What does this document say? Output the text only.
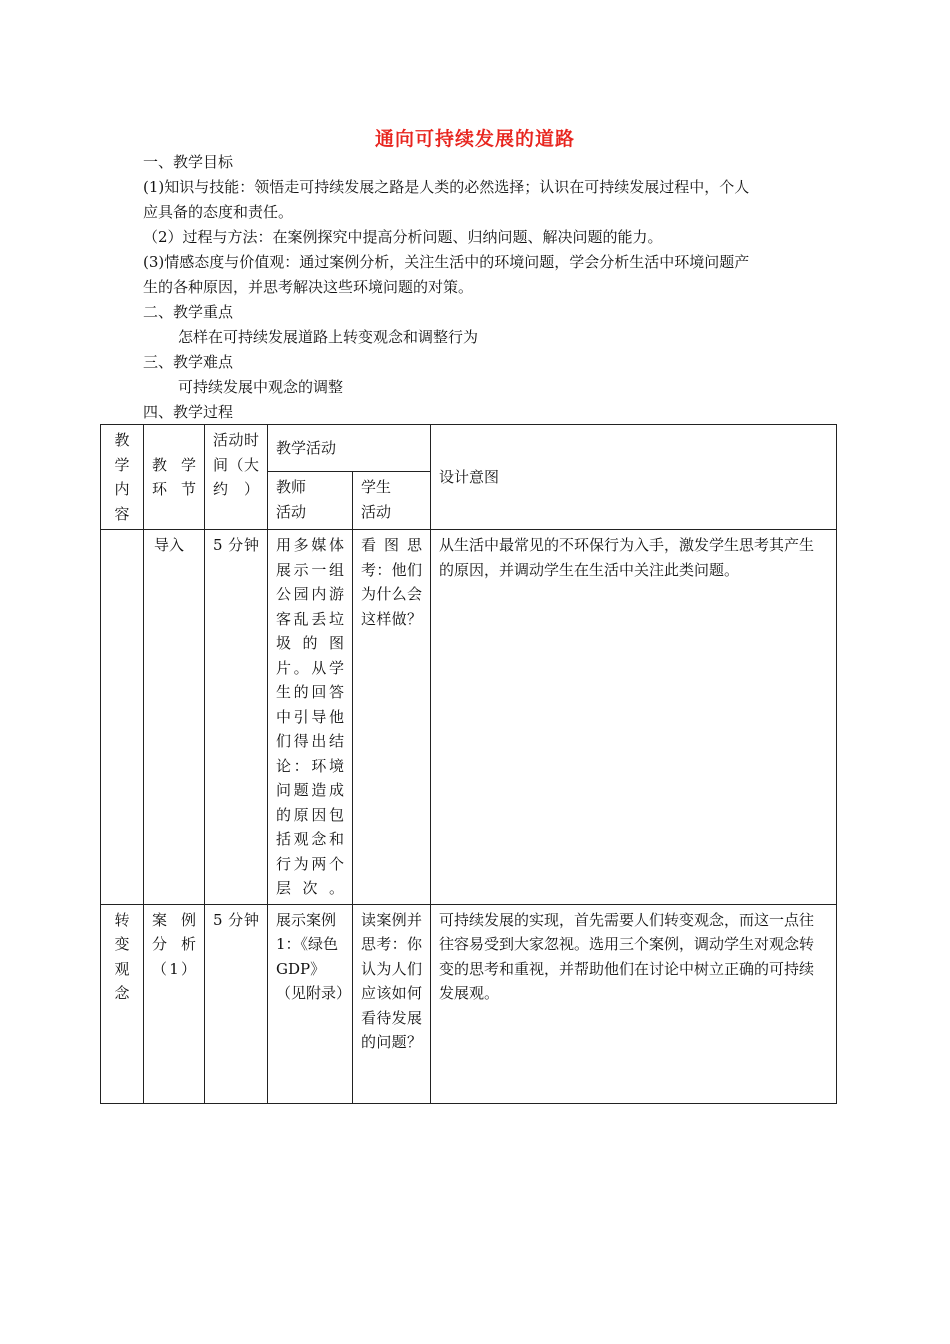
通向可持续发展的道路
一、教学目标
(1)知识与技能：领悟走可持续发展之路是人类的必然选择；认识在可持续发展过程中，个人
应具备的态度和责任。
（2）过程与方法：在案例探究中提高分析问题、归纳问题、解决问题的能力。
(3)情感态度与价值观：通过案例分析，关注生活中的环境问题，学会分析生活中环境问题产
生的各种原因，并思考解决这些环境问题的对策。
二、教学重点
怎样在可持续发展道路上转变观念和调整行为
三、教学难点
可持续发展中观念的调整
四、教学过程
教学内容	教学环节	活动时间（大约）	教学活动		设计意图

			教师活动	学生活动	

	导入	5 分钟	用多媒体展示一组公园内游客乱丢垃圾的图片。从学生的回答中引导他们得出结论：环境问题造成的原因包括观念和行为两个层次。	看图思考：他们为什么会这样做？	从生活中最常见的不环保行为入手，激发学生思考其产生的原因，并调动学生在生活中关注此类问题。

转变观念	案例分析（1）	5 分钟	展示案例1：《绿色GDP》（见附录）	读案例并思考：你认为人们应该如何看待发展的问题？	可持续发展的实现，首先需要人们转变观念，而这一点往往容易受到大家忽视。选用三个案例，调动学生对观念转变的思考和重视，并帮助他们在讨论中树立正确的可持续发展观。
